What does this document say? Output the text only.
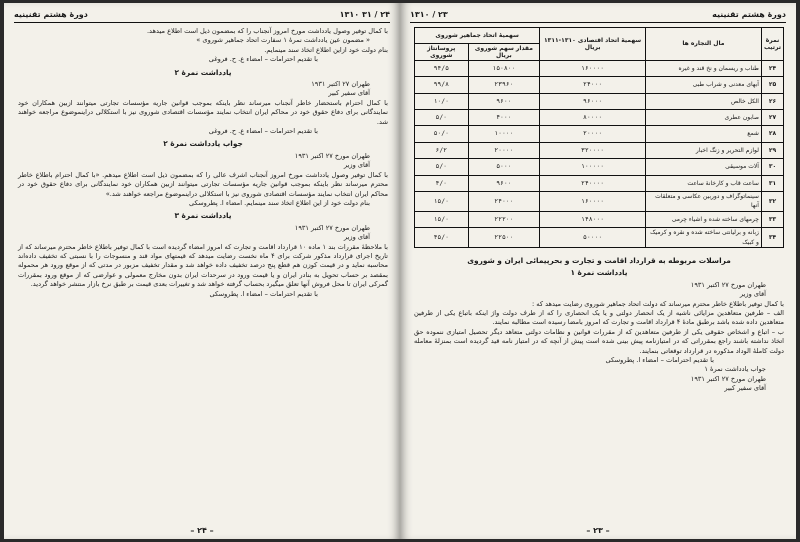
۲۴ / ۳۱ ۱۳۱۰
دورهٔ هشتم تقنینیه

با کمال توفیر وصول یادداشت مورخ امروز آنجناب را که بمضمون ذیل است اطلاع میدهد.

« مضمون عین یادداشت نمرهٔ ۱ سفارت اتحاد جماهیر شوروی »

بنام دولت خود ازاین اطلاع اتخاذ سند مینمایم.

با تقدیم احترامات – امضاء ع. ح. فروغی

یادداشت نمرهٔ ۲

طهران ۲۷ اکتبر ۱۹۳۱

آقای سفیر کبیر

با کمال احترام باستحضار خاطر آنجناب میرساند نظر باینکه بموجب قوانین جاریه مؤسسات تجارتی میتوانند ازبین همکاران خود نمایندگانی برای دفاع حقوق خود در محاکم ایران انتخاب نمایند مؤسسات اقتصادی شوروی نیز با استکلالی دراینموضوع مراجعه خواهند شد.

با تقدیم احترامات – امضاء ع. ح. فروغی

جواب یادداشت نمرهٔ ۲

طهران مورخ ۲۷ اکتبر ۱۹۳۱

آقای وزیر

با کمال توفیر وصول یادداشت مورخ امروز آنجناب اشرف عالی را که بمضمون ذیل است اطلاع میدهم. «با کمال احترام باطلاع خاطر محترم میرساند نظر باینکه بموجب قوانین جاریه مؤسسات تجارتی میتوانند ازبین همکاران خود نمایندگانی برای دفاع حقوق خود در محاکم ایران انتخاب نمایند مؤسسات اقتصادی شوروی نیز با استکلالی دراینموضوع مراجعه خواهند شد.»

بنام دولت خود از این اطلاع اتخاذ سند مینمایم. امضاء ا. پطروسکی

یادداشت نمرهٔ ۳

طهران مورخ ۲۷ اکتبر ۱۹۳۱

آقای وزیر

با ملاحظهٔ مقررات بند ۱ ماده ۱۰ قرارداد اقامت و تجارت که امروز امضاء گردیده است با کمال توفیر باطلاع خاطر محترم میرساند که از تاریخ اجرای قرارداد مذکور شرکت برای ۴ ماه نخست رضایت میدهد که قیمتهای مواد قند و منسوجات را با نسبتی که تخفیف داده‌اند محاسبه نماید و در قیمت کوزن هم قطع پنج درصد تخفیف داده خواهد شد و مقدار تخفیف مزبور در مدتی که از موقع ورود هر محموله بمقصد بر حساب تحویل به بنادر ایران و یا قیمت ورود در سرحدات ایران بدون مخارج معمولی و عوارضی که از موقع ورود بمقررات گمرکی ایران تا محل فروش آنها تعلق میگیرد بحساب گرفته خواهد شد و تغییرات بعدی قیمت بر طبق نرخ بازار منتشر خواهد گردید.

با تقدیم احترامات – امضاء ا. پطروسکی

– ۲۴ –
دورهٔ هشتم تقنینیه
۲۳ / ۱۳۱۰
نمرهٔ ترتیب	مال التجاره ها	سهمیهٔ اتحاد اقتصادی ۱۳۱۰-۱۳۱۱ بریال	سهمیهٔ اتحاد جماهیر شوروی	
			مقدار سهم شوروی بریال	پروسانتاژ شوروی
۲۴	طناب و ریسمان و نخ قند و غیره	۱۶۰۰۰۰	۱۵۰۸۰۰	۹۴/۵
۲۵	آبهای معدنی و شراب طبی	۲۴۰۰۰	۲۳۹۶۰	۹۹/۸
۲۶	الکل خالص	۹۶۰۰۰	۹۶۰۰	۱۰/۰
۲۷	صابون عطری	۸۰۰۰۰	۴۰۰۰	۵/۰
۲۸	شمع	۲۰۰۰۰	۱۰۰۰۰	۵۰/۰
۲۹	لوازم التحریر و زنگ اخبار	۳۲۰۰۰۰	۲۰۰۰۰	۶/۲
۳۰	آلات موسیقی	۱۰۰۰۰۰	۵۰۰۰	۵/۰
۳۱	ساعت قاب و کارخانهٔ ساعت	۲۴۰۰۰۰	۹۶۰۰	۴/۰
۳۲	سینماتوگراف و دوربین عکاسی و متعلقات آنها	۱۶۰۰۰۰	۲۴۰۰۰	۱۵/۰
۳۳	چرمهای ساخته شده و اشیاء چرمی	۱۴۸۰۰۰	۲۲۲۰۰	۱۵/۰
۳۴	زبانه و برلیانتی ساخته شده و نقره و کرمیک و کبیک	۵۰۰۰۰	۲۲۵۰۰	۴۵/۰

مراسلات مربوطه به قرارداد اقامت و تجارت و بحرپیمائی ایران و شوروی

یادداشت نمرهٔ ۱

طهران مورخ ۲۷ اکتبر ۱۹۳۱

آقای وزیر

با کمال توفیر باطلاع خاطر محترم میرساند که دولت اتحاد جماهیر شوروی رضایت میدهد که :

الف – طرفین متعاهدین مزایائی ناشیه از یک انحصار دولتی و یا یک انحصاری را که از طرف دولت واژ اینکه باتباع یکی از طرفین متعاهدین داده شده باشد برطبق مادهٔ ۴ قرارداد اقامت و تجارت که امروز بامضا رسیده است مطالبه نمایند.

ب – اتباع و اشخاص حقوقی یکی از طرفین متعاهدین که از مقررات قوانین و نظامات دولتی متعاهد دیگر تحصیل امتیازی ننموده حق اتخاذ نداشته باشند راجع بمقرراتی که در امتیازنامه پیش بینی شده است پیش از آنچه که در امتیاز نامه قید گردیده است بمنزلهٔ معامله دولت کاملهٔ الوداد مذکوره در قرارداد توقعاتی بنمایند.

با تقدیم احترامات – امضاء ا. پطروسکی

جواب یادداشت نمرهٔ ۱

طهران مورخ ۲۷ اکتبر ۱۹۳۱

آقای سفیر کبیر

– ۲۳ –
